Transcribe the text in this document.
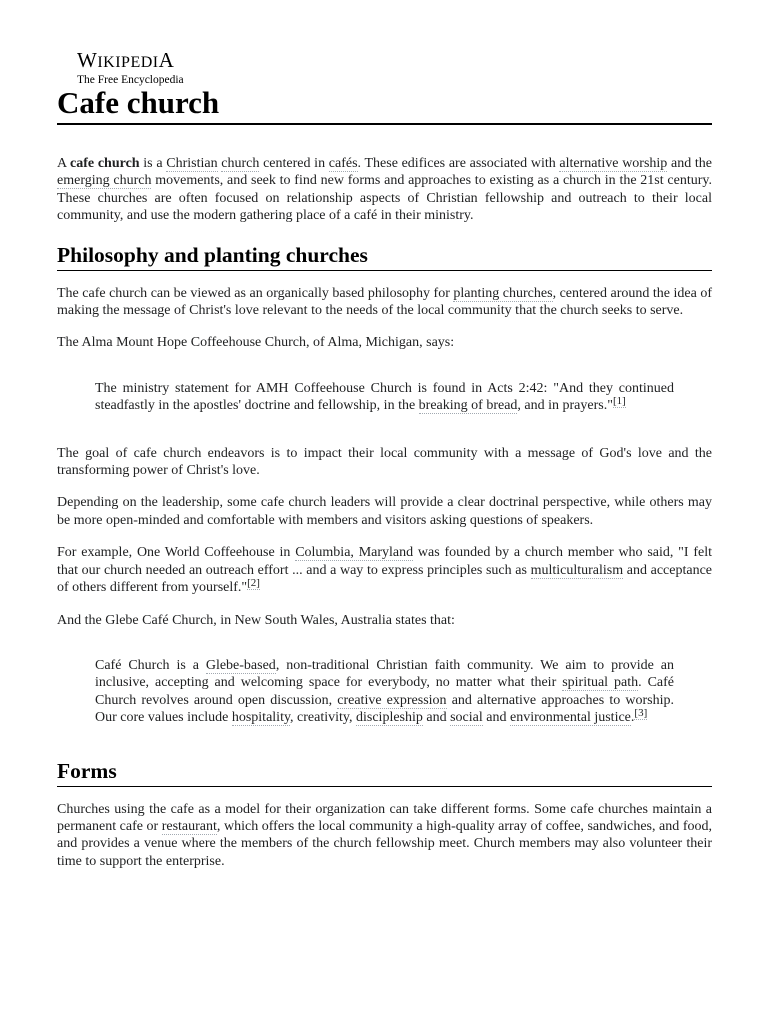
WIKIPEDIA
The Free Encyclopedia
Cafe church

A cafe church is a Christian church centered in cafés. These edifices are associated with alternative worship and the emerging church movements, and seek to find new forms and approaches to existing as a church in the 21st century. These churches are often focused on relationship aspects of Christian fellowship and outreach to their local community, and use the modern gathering place of a café in their ministry.

Philosophy and planting churches

The cafe church can be viewed as an organically based philosophy for planting churches, centered around the idea of making the message of Christ's love relevant to the needs of the local community that the church seeks to serve.

The Alma Mount Hope Coffeehouse Church, of Alma, Michigan, says:

The ministry statement for AMH Coffeehouse Church is found in Acts 2:42: "And they continued steadfastly in the apostles' doctrine and fellowship, in the breaking of bread, and in prayers."[1]

The goal of cafe church endeavors is to impact their local community with a message of God's love and the transforming power of Christ's love.

Depending on the leadership, some cafe church leaders will provide a clear doctrinal perspective, while others may be more open-minded and comfortable with members and visitors asking questions of speakers.

For example, One World Coffeehouse in Columbia, Maryland was founded by a church member who said, "I felt that our church needed an outreach effort ... and a way to express principles such as multiculturalism and acceptance of others different from yourself."[2]

And the Glebe Café Church, in New South Wales, Australia states that:

Café Church is a Glebe-based, non-traditional Christian faith community. We aim to provide an inclusive, accepting and welcoming space for everybody, no matter what their spiritual path. Café Church revolves around open discussion, creative expression and alternative approaches to worship. Our core values include hospitality, creativity, discipleship and social and environmental justice.[3]

Forms

Churches using the cafe as a model for their organization can take different forms. Some cafe churches maintain a permanent cafe or restaurant, which offers the local community a high-quality array of coffee, sandwiches, and food, and provides a venue where the members of the church fellowship meet. Church members may also volunteer their time to support the enterprise.
